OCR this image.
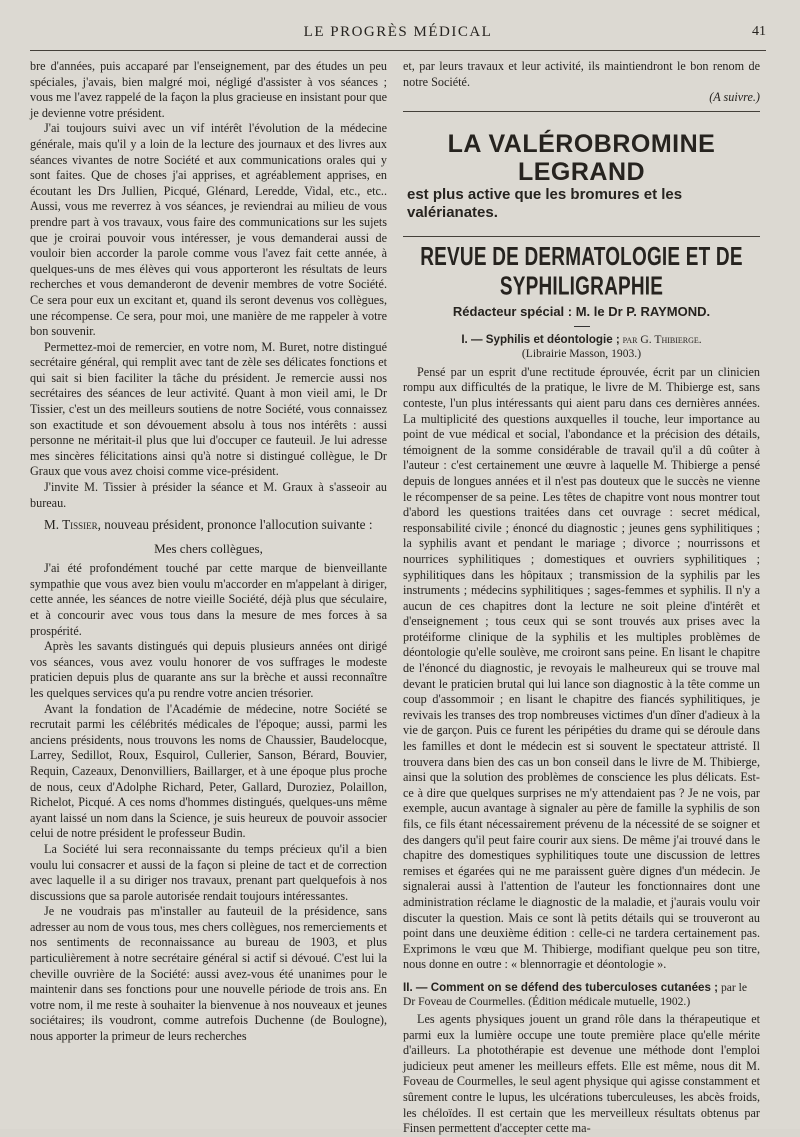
LE PROGRÈS MÉDICAL	41

bre d'années, puis accaparé par l'enseignement, par des études un peu spéciales, j'avais, bien malgré moi, négligé d'assister à vos séances ; vous me l'avez rappelé de la façon la plus gracieuse en insistant pour que je devienne votre président.

J'ai toujours suivi avec un vif intérêt l'évolution de la médecine générale, mais qu'il y a loin de la lecture des journaux et des livres aux séances vivantes de notre Société et aux communications orales qui y sont faites. Que de choses j'ai apprises, et agréablement apprises, en écoutant les Drs Jullien, Picqué, Glénard, Leredde, Vidal, etc., etc.. Aussi, vous me reverrez à vos séances, je reviendrai au milieu de vous prendre part à vos travaux, vous faire des communications sur les sujets que je croirai pouvoir vous intéresser, je vous demanderai aussi de vouloir bien accorder la parole comme vous l'avez fait cette année, à quelques-uns de mes élèves qui vous apporteront les résultats de leurs recherches et vous demanderont de devenir membres de votre Société. Ce sera pour eux un excitant et, quand ils seront devenus vos collègues, une récompense. Ce sera, pour moi, une manière de me rappeler à votre bon souvenir.

Permettez-moi de remercier, en votre nom, M. Buret, notre distingué secrétaire général, qui remplit avec tant de zèle ses délicates fonctions et qui sait si bien faciliter la tâche du président. Je remercie aussi nos secrétaires des séances de leur activité. Quant à mon vieil ami, le Dr Tissier, c'est un des meilleurs soutiens de notre Société, vous connaissez son exactitude et son dévouement absolu à tous nos intérêts : aussi personne ne méritait-il plus que lui d'occuper ce fauteuil. Je lui adresse mes sincères félicitations ainsi qu'à notre si distingué collègue, le Dr Graux que vous avez choisi comme vice-président.

J'invite M. Tissier à présider la séance et M. Graux à s'asseoir au bureau.

M. Tissier, nouveau président, prononce l'allocution suivante :

Mes chers collègues,

J'ai été profondément touché par cette marque de bienveillante sympathie que vous avez bien voulu m'accorder en m'appelant à diriger, cette année, les séances de notre vieille Société, déjà plus que séculaire, et à concourir avec vous tous dans la mesure de mes forces à sa prospérité.

Après les savants distingués qui depuis plusieurs années ont dirigé vos séances, vous avez voulu honorer de vos suffrages le modeste praticien depuis plus de quarante ans sur la brèche et aussi reconnaître les quelques services qu'a pu rendre votre ancien trésorier.

Avant la fondation de l'Académie de médecine, notre Société se recrutait parmi les célébrités médicales de l'époque; aussi, parmi les anciens présidents, nous trouvons les noms de Chaussier, Baudelocque, Larrey, Sedillot, Roux, Esquirol, Cullerier, Sanson, Bérard, Bouvier, Requin, Cazeaux, Denonvilliers, Baillarger, et à une époque plus proche de nous, ceux d'Adolphe Richard, Peter, Gallard, Duroziez, Polaillon, Richelot, Picqué. A ces noms d'hommes distingués, quelques-uns même ayant laissé un nom dans la Science, je suis heureux de pouvoir associer celui de notre président le professeur Budin.

La Société lui sera reconnaissante du temps précieux qu'il a bien voulu lui consacrer et aussi de la façon si pleine de tact et de correction avec laquelle il a su diriger nos travaux, prenant part quelquefois à nos discussions que sa parole autorisée rendait toujours intéressantes.

Je ne voudrais pas m'installer au fauteuil de la présidence, sans adresser au nom de vous tous, mes chers collègues, nos remerciements et nos sentiments de reconnaissance au bureau de 1903, et plus particulièrement à notre secrétaire général si actif si dévoué. C'est lui la cheville ouvrière de la Société: aussi avez-vous été unanimes pour le maintenir dans ses fonctions pour une nouvelle période de trois ans. En votre nom, il me reste à souhaiter la bienvenue à nos nouveaux et jeunes sociétaires; ils voudront, comme autrefois Duchenne (de Boulogne), nous apporter la primeur de leurs recherches

et, par leurs travaux et leur activité, ils maintiendront le bon renom de notre Société.

(A suivre.)

LA VALÉROBROMINE LEGRAND
est plus active que les bromures et les valérianates.
REVUE DE DERMATOLOGIE ET DE SYPHILIGRAPHIE
Rédacteur spécial : M. le Dr P. RAYMOND.
I. — Syphilis et déontologie ; par G. Thibierge.
(Librairie Masson, 1903.)

Pensé par un esprit d'une rectitude éprouvée, écrit par un clinicien rompu aux difficultés de la pratique, le livre de M. Thibierge est, sans conteste, l'un plus intéressants qui aient paru dans ces dernières années. La multiplicité des questions auxquelles il touche, leur importance au point de vue médical et social, l'abondance et la précision des détails, témoignent de la somme considérable de travail qu'il a dû coûter à l'auteur : c'est certainement une œuvre à laquelle M. Thibierge a pensé depuis de longues années et il n'est pas douteux que le succès ne vienne le récompenser de sa peine. Les têtes de chapitre vont nous montrer tout d'abord les questions traitées dans cet ouvrage : secret médical, responsabilité civile ; énoncé du diagnostic ; jeunes gens syphilitiques ; la syphilis avant et pendant le mariage ; divorce ; nourrissons et nourrices syphilitiques ; domestiques et ouvriers syphilitiques ; syphilitiques dans les hôpitaux ; transmission de la syphilis par les instruments ; médecins syphilitiques ; sages-femmes et syphilis. Il n'y a aucun de ces chapitres dont la lecture ne soit pleine d'intérêt et d'enseignement ; tous ceux qui se sont trouvés aux prises avec la protéiforme clinique de la syphilis et les multiples problèmes de déontologie qu'elle soulève, me croiront sans peine. En lisant le chapitre de l'énoncé du diagnostic, je revoyais le malheureux qui se trouve mal devant le praticien brutal qui lui lance son diagnostic à la tête comme un coup d'assommoir ; en lisant le chapitre des fiancés syphilitiques, je revivais les transes des trop nombreuses victimes d'un dîner d'adieux à la vie de garçon. Puis ce furent les péripéties du drame qui se déroule dans les familles et dont le médecin est si souvent le spectateur attristé. Il trouvera dans bien des cas un bon conseil dans le livre de M. Thibierge, ainsi que la solution des problèmes de conscience les plus délicats. Est-ce à dire que quelques surprises ne m'y attendaient pas ? Je ne vois, par exemple, aucun avantage à signaler au père de famille la syphilis de son fils, ce fils étant nécessairement prévenu de la nécessité de se soigner et des dangers qu'il peut faire courir aux siens. De même j'ai trouvé dans le chapitre des domestiques syphilitiques toute une discussion de lettres remises et égarées qui ne me paraissent guère dignes d'un médecin. Je signalerai aussi à l'attention de l'auteur les fonctionnaires dont une administration réclame le diagnostic de la maladie, et j'aurais voulu voir discuter la question. Mais ce sont là petits détails qui se trouveront au point dans une deuxième édition : celle-ci ne tardera certainement pas. Exprimons le vœu que M. Thibierge, modifiant quelque peu son titre, nous donne en outre : « blennorragie et déontologie ».

II. — Comment on se défend des tuberculoses cutanées ; par le Dr Foveau de Courmelles. (Édition médicale mutuelle, 1902.)

Les agents physiques jouent un grand rôle dans la thérapeutique et parmi eux la lumière occupe une toute première place qu'elle mérite d'ailleurs. La photothérapie est devenue une méthode dont l'emploi judicieux peut amener les meilleurs effets. Elle est même, nous dit M. Foveau de Courmelles, le seul agent physique qui agisse constamment et sûrement contre le lupus, les ulcérations tuberculeuses, les abcès froids, les chéloïdes. Il est certain que les merveilleux résultats obtenus par Finsen permettent d'accepter cette ma-
